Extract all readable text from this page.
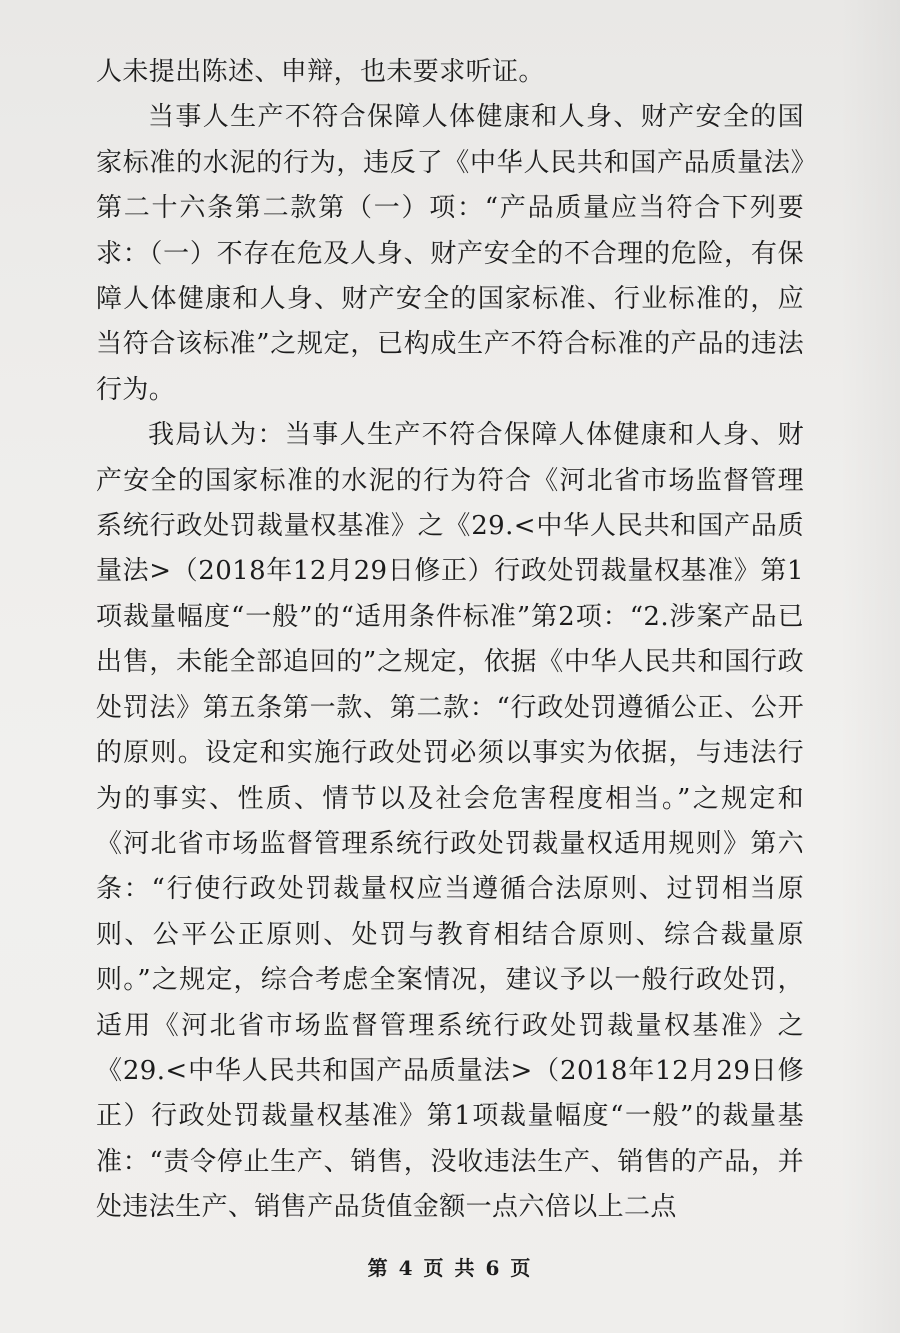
人未提出陈述、申辩，也未要求听证。

当事人生产不符合保障人体健康和人身、财产安全的国家标准的水泥的行为，违反了《中华人民共和国产品质量法》第二十六条第二款第（一）项：“产品质量应当符合下列要求：（一）不存在危及人身、财产安全的不合理的危险，有保障人体健康和人身、财产安全的国家标准、行业标准的，应当符合该标准”之规定，已构成生产不符合标准的产品的违法行为。

我局认为：当事人生产不符合保障人体健康和人身、财产安全的国家标准的水泥的行为符合《河北省市场监督管理系统行政处罚裁量权基准》之《29.<中华人民共和国产品质量法>（2018年12月29日修正）行政处罚裁量权基准》第1项裁量幅度“一般”的“适用条件标准”第2项：“2.涉案产品已出售，未能全部追回的”之规定，依据《中华人民共和国行政处罚法》第五条第一款、第二款：“行政处罚遵循公正、公开的原则。设定和实施行政处罚必须以事实为依据，与违法行为的事实、性质、情节以及社会危害程度相当。”之规定和《河北省市场监督管理系统行政处罚裁量权适用规则》第六条：“行使行政处罚裁量权应当遵循合法原则、过罚相当原则、公平公正原则、处罚与教育相结合原则、综合裁量原则。”之规定，综合考虑全案情况，建议予以一般行政处罚，适用《河北省市场监督管理系统行政处罚裁量权基准》之《29.<中华人民共和国产品质量法>（2018年12月29日修正）行政处罚裁量权基准》第1项裁量幅度“一般”的裁量基准：“责令停止生产、销售，没收违法生产、销售的产品，并处违法生产、销售产品货值金额一点六倍以上二点

第 4 页 共 6 页
